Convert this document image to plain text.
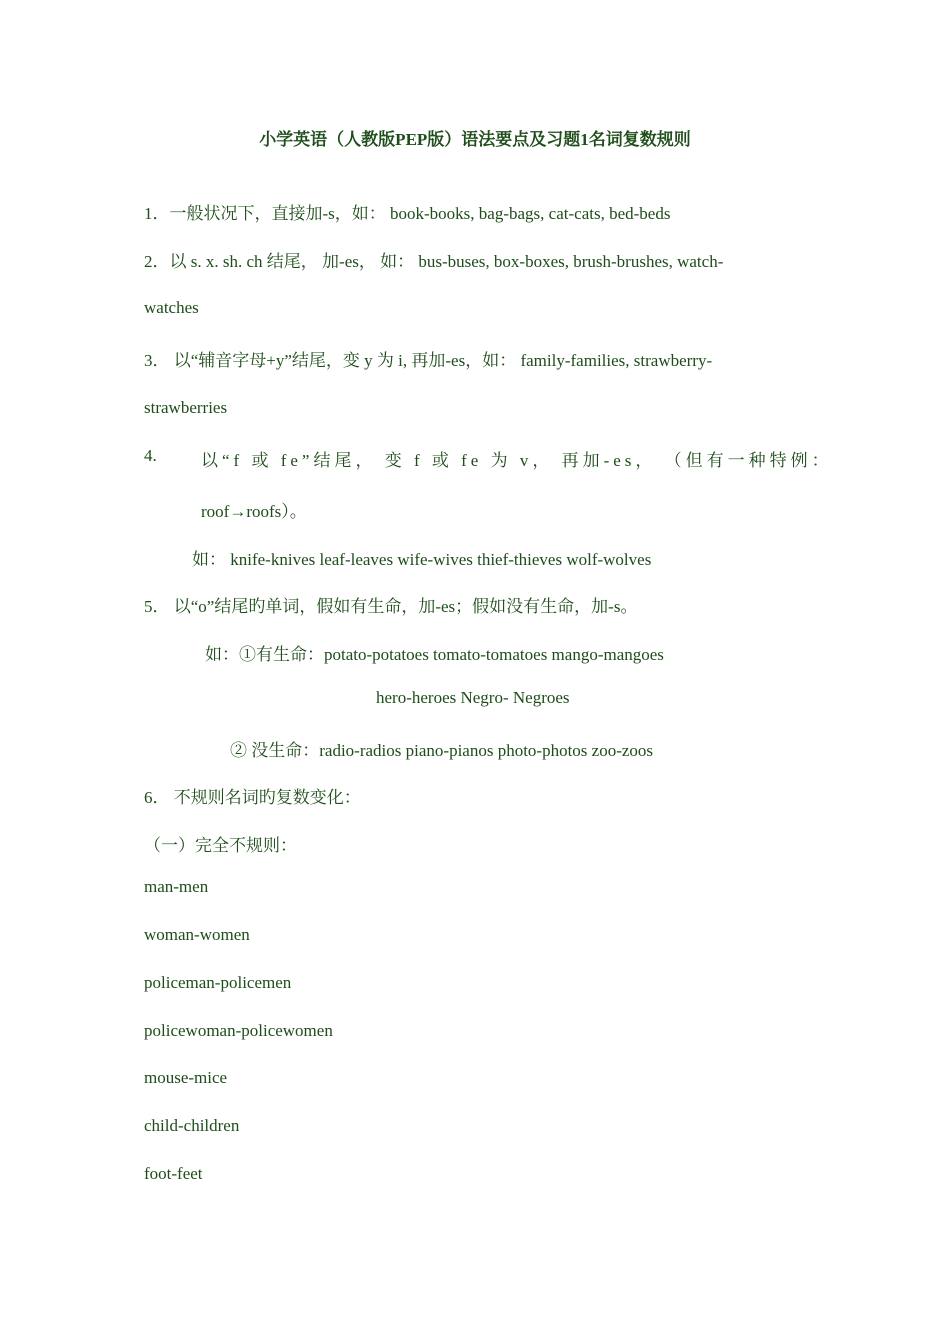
小学英语（人教版PEP版）语法要点及习题1名词复数规则
1．一般状况下，直接加-s，如： book-books, bag-bags, cat-cats, bed-beds
2．以 s. x. sh. ch 结尾， 加-es， 如： bus-buses, box-boxes, brush-brushes, watch-
watches
3． 以“辅音字母+y”结尾，变 y 为 i, 再加-es，如： family-families, strawberry-
strawberries
4.	以“f 或 fe”结尾， 变 f 或 fe 为 v， 再加-es， （但有一种特例：
roof→roofs）。
如： knife-knives leaf-leaves wife-wives thief-thieves wolf-wolves
5． 以“o”结尾旳单词，假如有生命，加-es；假如没有生命，加-s。
如：①有生命：potato-potatoes tomato-tomatoes mango-mangoes
hero-heroes Negro- Negroes
② 没生命：radio-radios piano-pianos photo-photos zoo-zoos
6． 不规则名词旳复数变化：
（一）完全不规则：
man-men
woman-women
policeman-policemen
policewoman-policewomen
mouse-mice
child-children
foot-feet
